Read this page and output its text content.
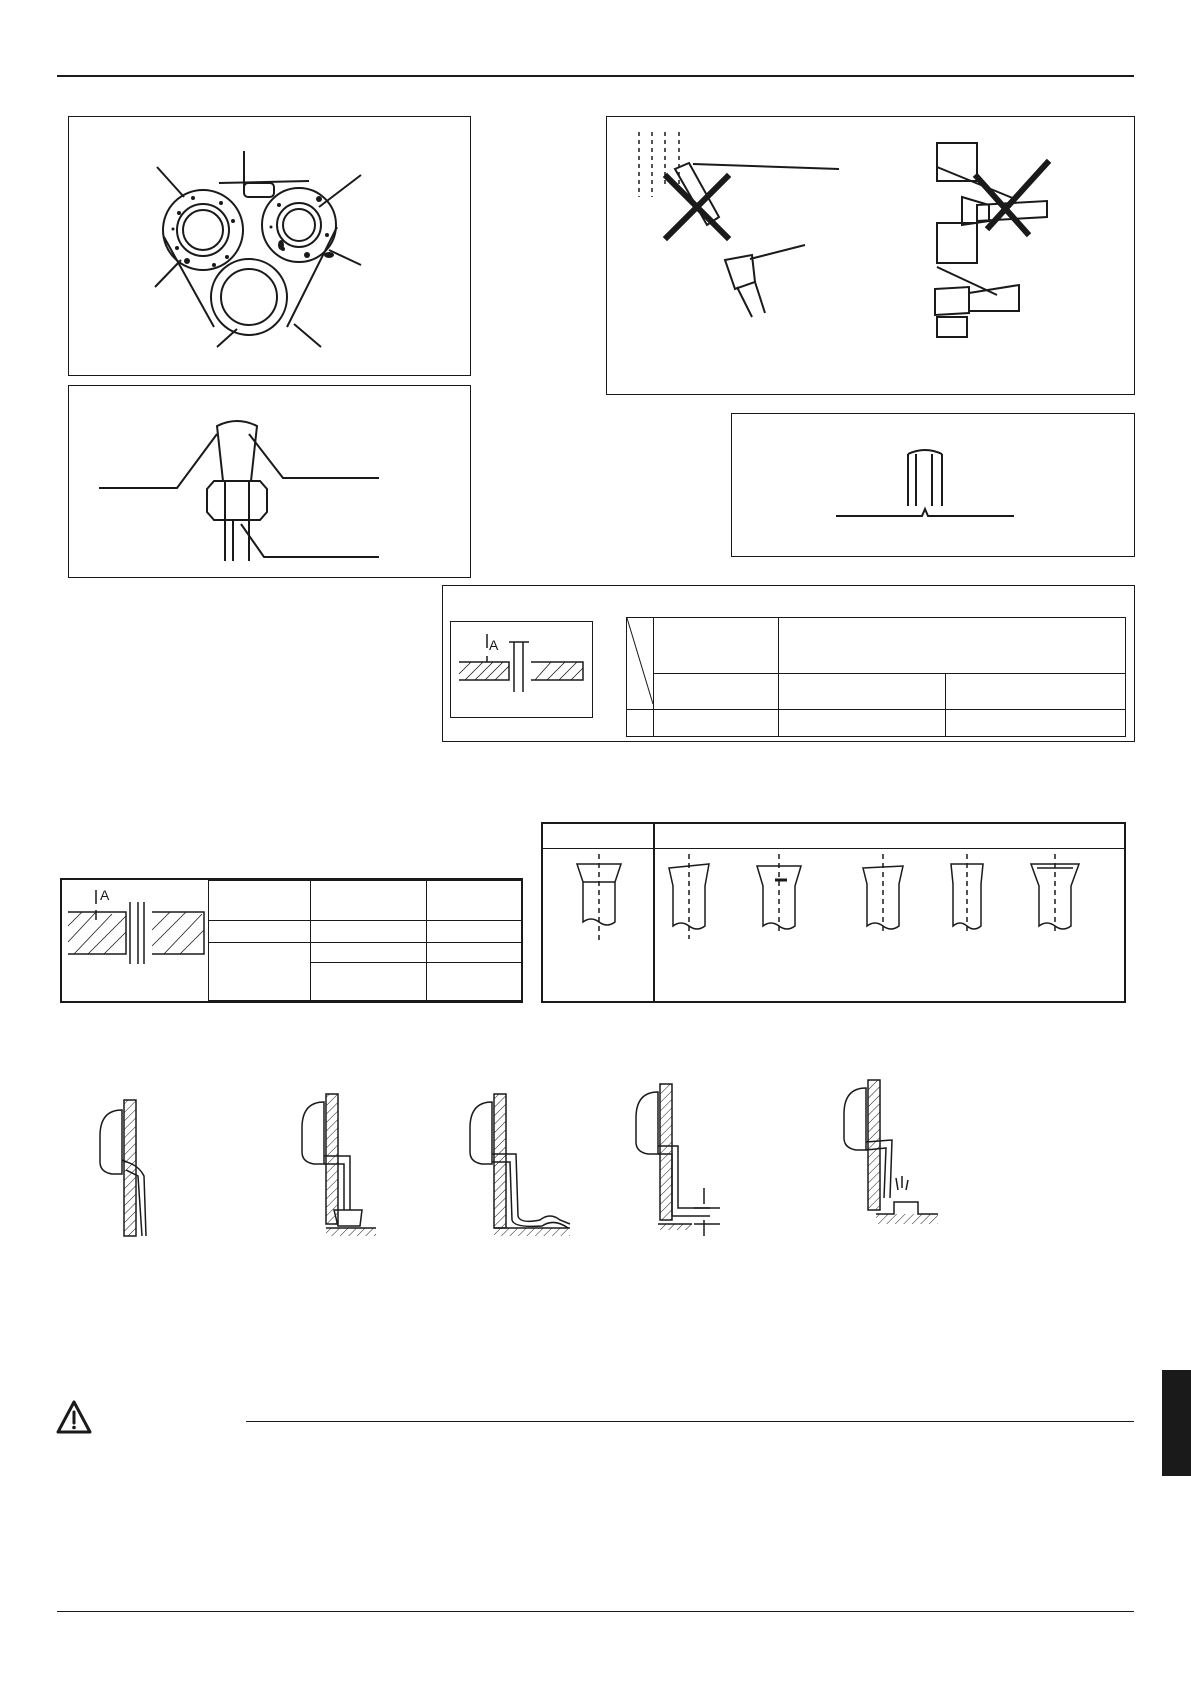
A

A
